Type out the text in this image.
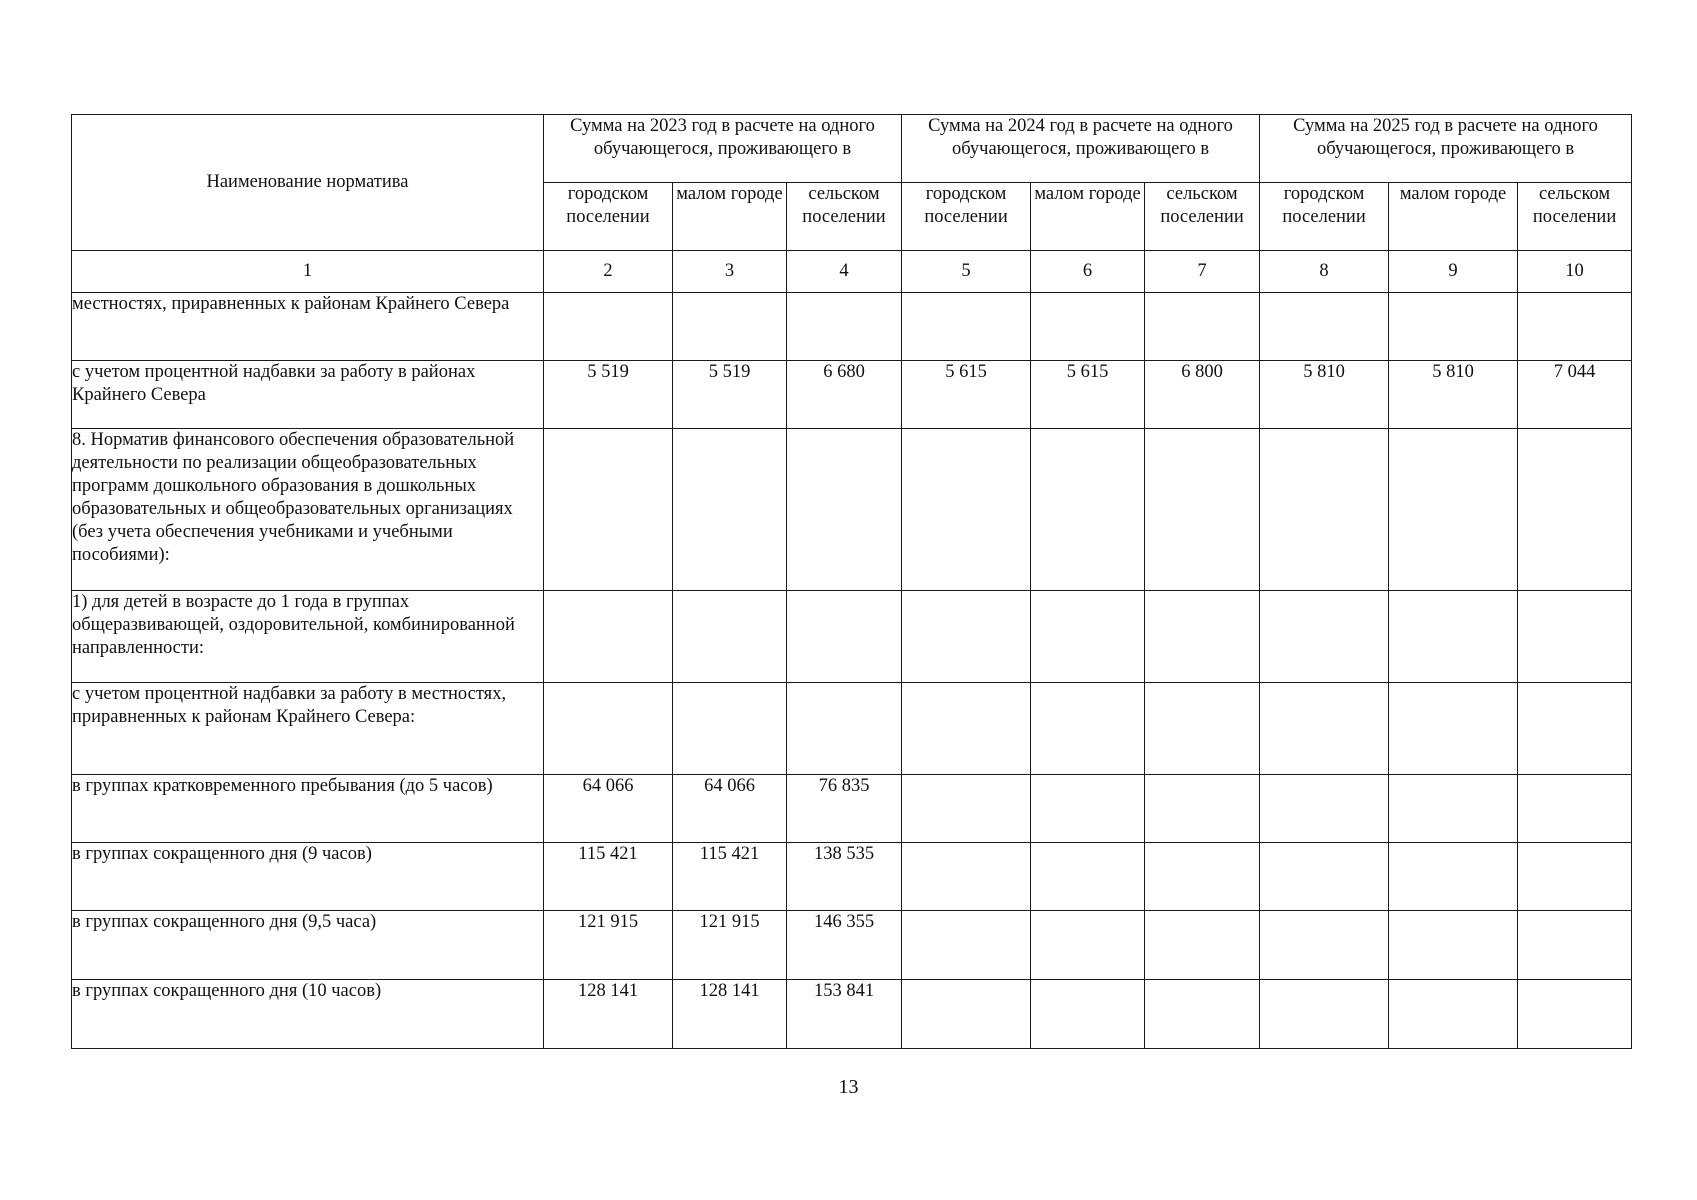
Наименование норматива	Сумма на 2023 год в расчете на одного обучающегося, проживающего в			Сумма на 2024 год в расчете на одного обучающегося, проживающего в			Сумма на 2025 год в расчете на одного обучающегося, проживающего в		
	городском поселении	малом городе	сельском поселении	городском поселении	малом городе	сельском поселении	городском поселении	малом городе	сельском поселении
1	2	3	4	5	6	7	8	9	10
местностях, приравненных к районам Крайнего Севера									
с учетом процентной надбавки за работу в районах Крайнего Севера	5 519	5 519	6 680	5 615	5 615	6 800	5 810	5 810	7 044
8. Норматив финансового обеспечения образовательной деятельности по реализации общеобразовательных программ дошкольного образования в дошкольных образовательных и общеобразовательных организациях (без учета обеспечения учебниками и учебными пособиями):									
1) для детей в возрасте до 1 года в группах общеразвивающей, оздоровительной, комбинированной направленности:									
с учетом процентной надбавки за работу в местностях, приравненных к районам Крайнего Севера:									
в группах кратковременного пребывания (до 5 часов)	64 066	64 066	76 835						
в группах сокращенного дня (9 часов)	115 421	115 421	138 535						
в группах сокращенного дня (9,5 часа)	121 915	121 915	146 355						
в группах сокращенного дня (10 часов)	128 141	128 141	153 841						
13
